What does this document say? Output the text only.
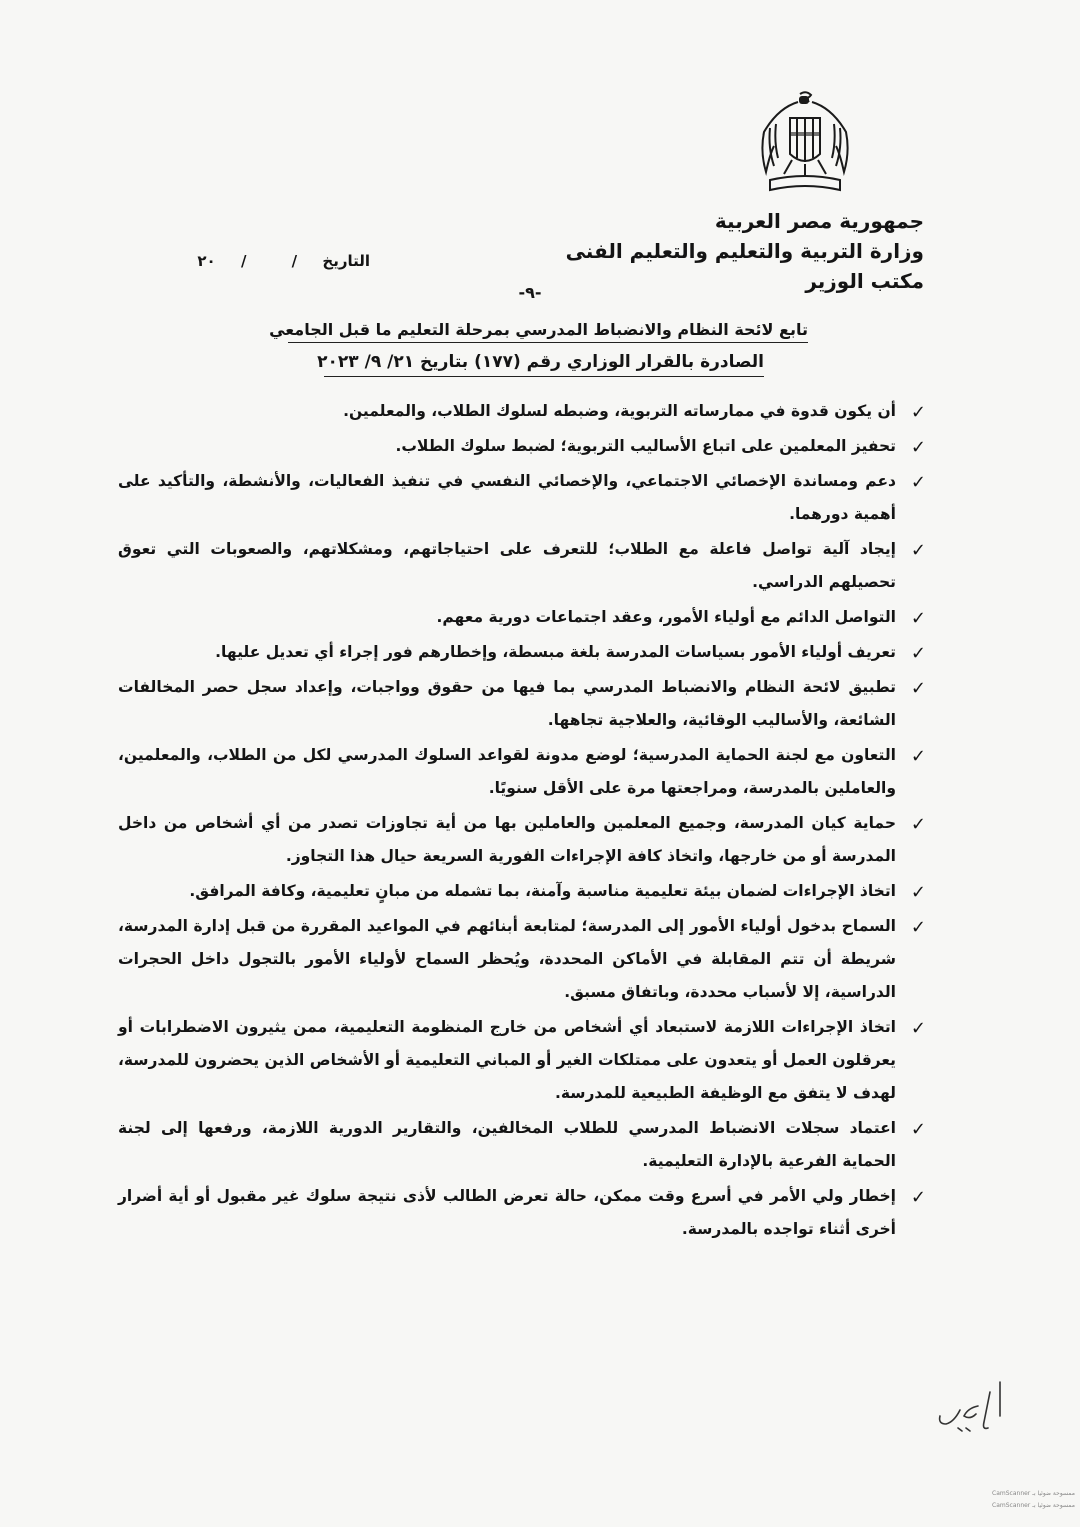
جمهورية مصر العربية
وزارة التربية والتعليم والتعليم الفنى
مكتب الوزير
التاريخ / / ٢٠
-٩-
تابع لائحة النظام والانضباط المدرسي بمرحلة التعليم ما قبل الجامعي
الصادرة بالقرار الوزاري رقم (١٧٧) بتاريخ ٢١/ ٩/ ٢٠٢٣
✓
أن يكون قدوة في ممارساته التربوية، وضبطه لسلوك الطلاب، والمعلمين.
✓
تحفيز المعلمين على اتباع الأساليب التربوية؛ لضبط سلوك الطلاب.
✓
دعم ومساندة الإخصائي الاجتماعي، والإخصائي النفسي في تنفيذ الفعاليات، والأنشطة، والتأكيد على أهمية دورهما.
✓
إيجاد آلية تواصل فاعلة مع الطلاب؛ للتعرف على احتياجاتهم، ومشكلاتهم، والصعوبات التي تعوق تحصيلهم الدراسي.
✓
التواصل الدائم مع أولياء الأمور، وعقد اجتماعات دورية معهم.
✓
تعريف أولياء الأمور بسياسات المدرسة بلغة مبسطة، وإخطارهم فور إجراء أي تعديل عليها.
✓
تطبيق لائحة النظام والانضباط المدرسي بما فيها من حقوق وواجبات، وإعداد سجل حصر المخالفات الشائعة، والأساليب الوقائية، والعلاجية تجاهها.
✓
التعاون مع لجنة الحماية المدرسية؛ لوضع مدونة لقواعد السلوك المدرسي لكل من الطلاب، والمعلمين، والعاملين بالمدرسة، ومراجعتها مرة على الأقل سنويًا.
✓
حماية كيان المدرسة، وجميع المعلمين والعاملين بها من أية تجاوزات تصدر من أي أشخاص من داخل المدرسة أو من خارجها، واتخاذ كافة الإجراءات الفورية السريعة حيال هذا التجاوز.
✓
اتخاذ الإجراءات لضمان بيئة تعليمية مناسبة وآمنة، بما تشمله من مبانٍ تعليمية، وكافة المرافق.
✓
السماح بدخول أولياء الأمور إلى المدرسة؛ لمتابعة أبنائهم في المواعيد المقررة من قبل إدارة المدرسة، شريطة أن تتم المقابلة في الأماكن المحددة، ويُحظر السماح لأولياء الأمور بالتجول داخل الحجرات الدراسية، إلا لأسباب محددة، وباتفاق مسبق.
✓
اتخاذ الإجراءات اللازمة لاستبعاد أي أشخاص من خارج المنظومة التعليمية، ممن يثيرون الاضطرابات أو يعرقلون العمل أو يتعدون على ممتلكات الغير أو المباني التعليمية أو الأشخاص الذين يحضرون للمدرسة، لهدف لا يتفق مع الوظيفة الطبيعية للمدرسة.
✓
اعتماد سجلات الانضباط المدرسي للطلاب المخالفين، والتقارير الدورية اللازمة، ورفعها إلى لجنة الحماية الفرعية بالإدارة التعليمية.
✓
إخطار ولي الأمر في أسرع وقت ممكن، حالة تعرض الطالب لأذى نتيجة سلوك غير مقبول أو أية أضرار أخرى أثناء تواجده بالمدرسة.
CamScanner ممسوحة ضوئيا بـ
CamScanner ممسوحة ضوئيا بـ
